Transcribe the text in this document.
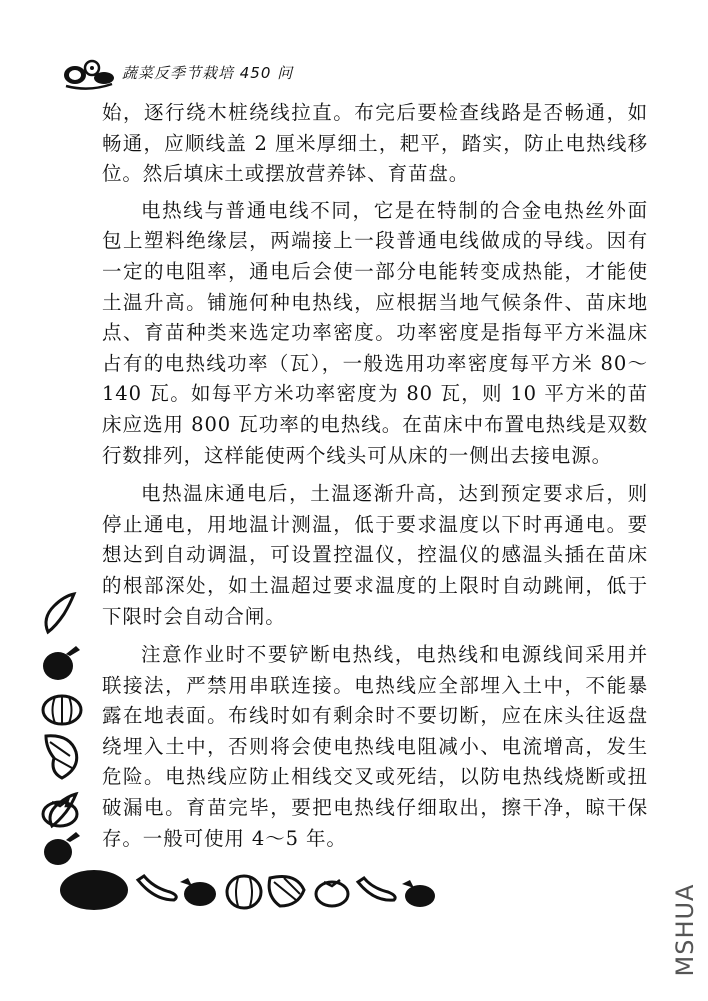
蔬菜反季节栽培 450 问

始，逐行绕木桩绕线拉直。布完后要检查线路是否畅通，如畅通，应顺线盖 2 厘米厚细土，耙平，踏实，防止电热线移位。然后填床土或摆放营养钵、育苗盘。

电热线与普通电线不同，它是在特制的合金电热丝外面包上塑料绝缘层，两端接上一段普通电线做成的导线。因有一定的电阻率，通电后会使一部分电能转变成热能，才能使土温升高。铺施何种电热线，应根据当地气候条件、苗床地点、育苗种类来选定功率密度。功率密度是指每平方米温床占有的电热线功率（瓦），一般选用功率密度每平方米 80～140 瓦。如每平方米功率密度为 80 瓦，则 10 平方米的苗床应选用 800 瓦功率的电热线。在苗床中布置电热线是双数行数排列，这样能使两个线头可从床的一侧出去接电源。

电热温床通电后，土温逐渐升高，达到预定要求后，则停止通电，用地温计测温，低于要求温度以下时再通电。要想达到自动调温，可设置控温仪，控温仪的感温头插在苗床的根部深处，如土温超过要求温度的上限时自动跳闸，低于下限时会自动合闸。

注意作业时不要铲断电热线，电热线和电源线间采用并联接法，严禁用串联连接。电热线应全部埋入土中，不能暴露在地表面。布线时如有剩余时不要切断，应在床头往返盘绕埋入土中，否则将会使电热线电阻减小、电流增高，发生危险。电热线应防止相线交叉或死结，以防电热线烧断或扭破漏电。育苗完毕，要把电热线仔细取出，擦干净，晾干保存。一般可使用 4～5 年。

MSHUA
